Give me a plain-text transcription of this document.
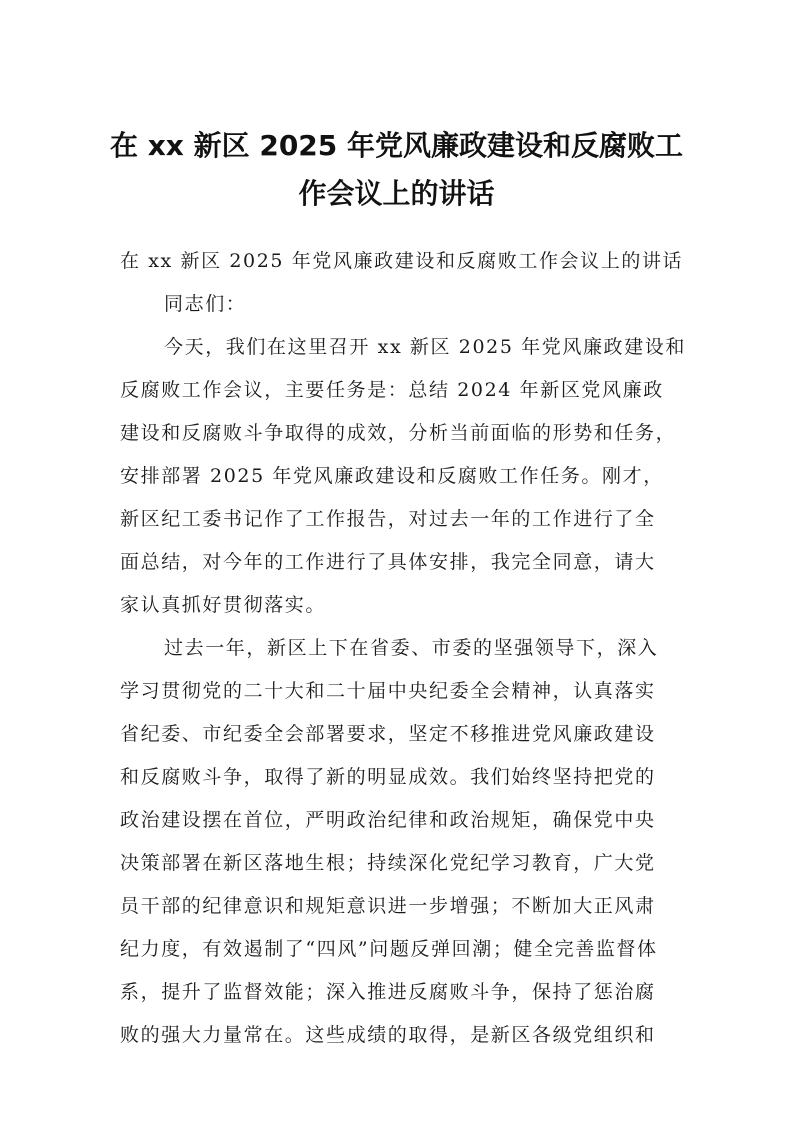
在 xx 新区 2025 年党风廉政建设和反腐败工
作会议上的讲话
在 xx 新区 2025 年党风廉政建设和反腐败工作会议上的讲话
同志们：
今天，我们在这里召开 xx 新区 2025 年党风廉政建设和
反腐败工作会议，主要任务是：总结 2024 年新区党风廉政
建设和反腐败斗争取得的成效，分析当前面临的形势和任务，
安排部署 2025 年党风廉政建设和反腐败工作任务。刚才，
新区纪工委书记作了工作报告，对过去一年的工作进行了全
面总结，对今年的工作进行了具体安排，我完全同意，请大
家认真抓好贯彻落实。
过去一年，新区上下在省委、市委的坚强领导下，深入
学习贯彻党的二十大和二十届中央纪委全会精神，认真落实
省纪委、市纪委全会部署要求，坚定不移推进党风廉政建设
和反腐败斗争，取得了新的明显成效。我们始终坚持把党的
政治建设摆在首位，严明政治纪律和政治规矩，确保党中央
决策部署在新区落地生根；持续深化党纪学习教育，广大党
员干部的纪律意识和规矩意识进一步增强；不断加大正风肃
纪力度，有效遏制了“四风”问题反弹回潮；健全完善监督体
系，提升了监督效能；深入推进反腐败斗争，保持了惩治腐
败的强大力量常在。这些成绩的取得，是新区各级党组织和
